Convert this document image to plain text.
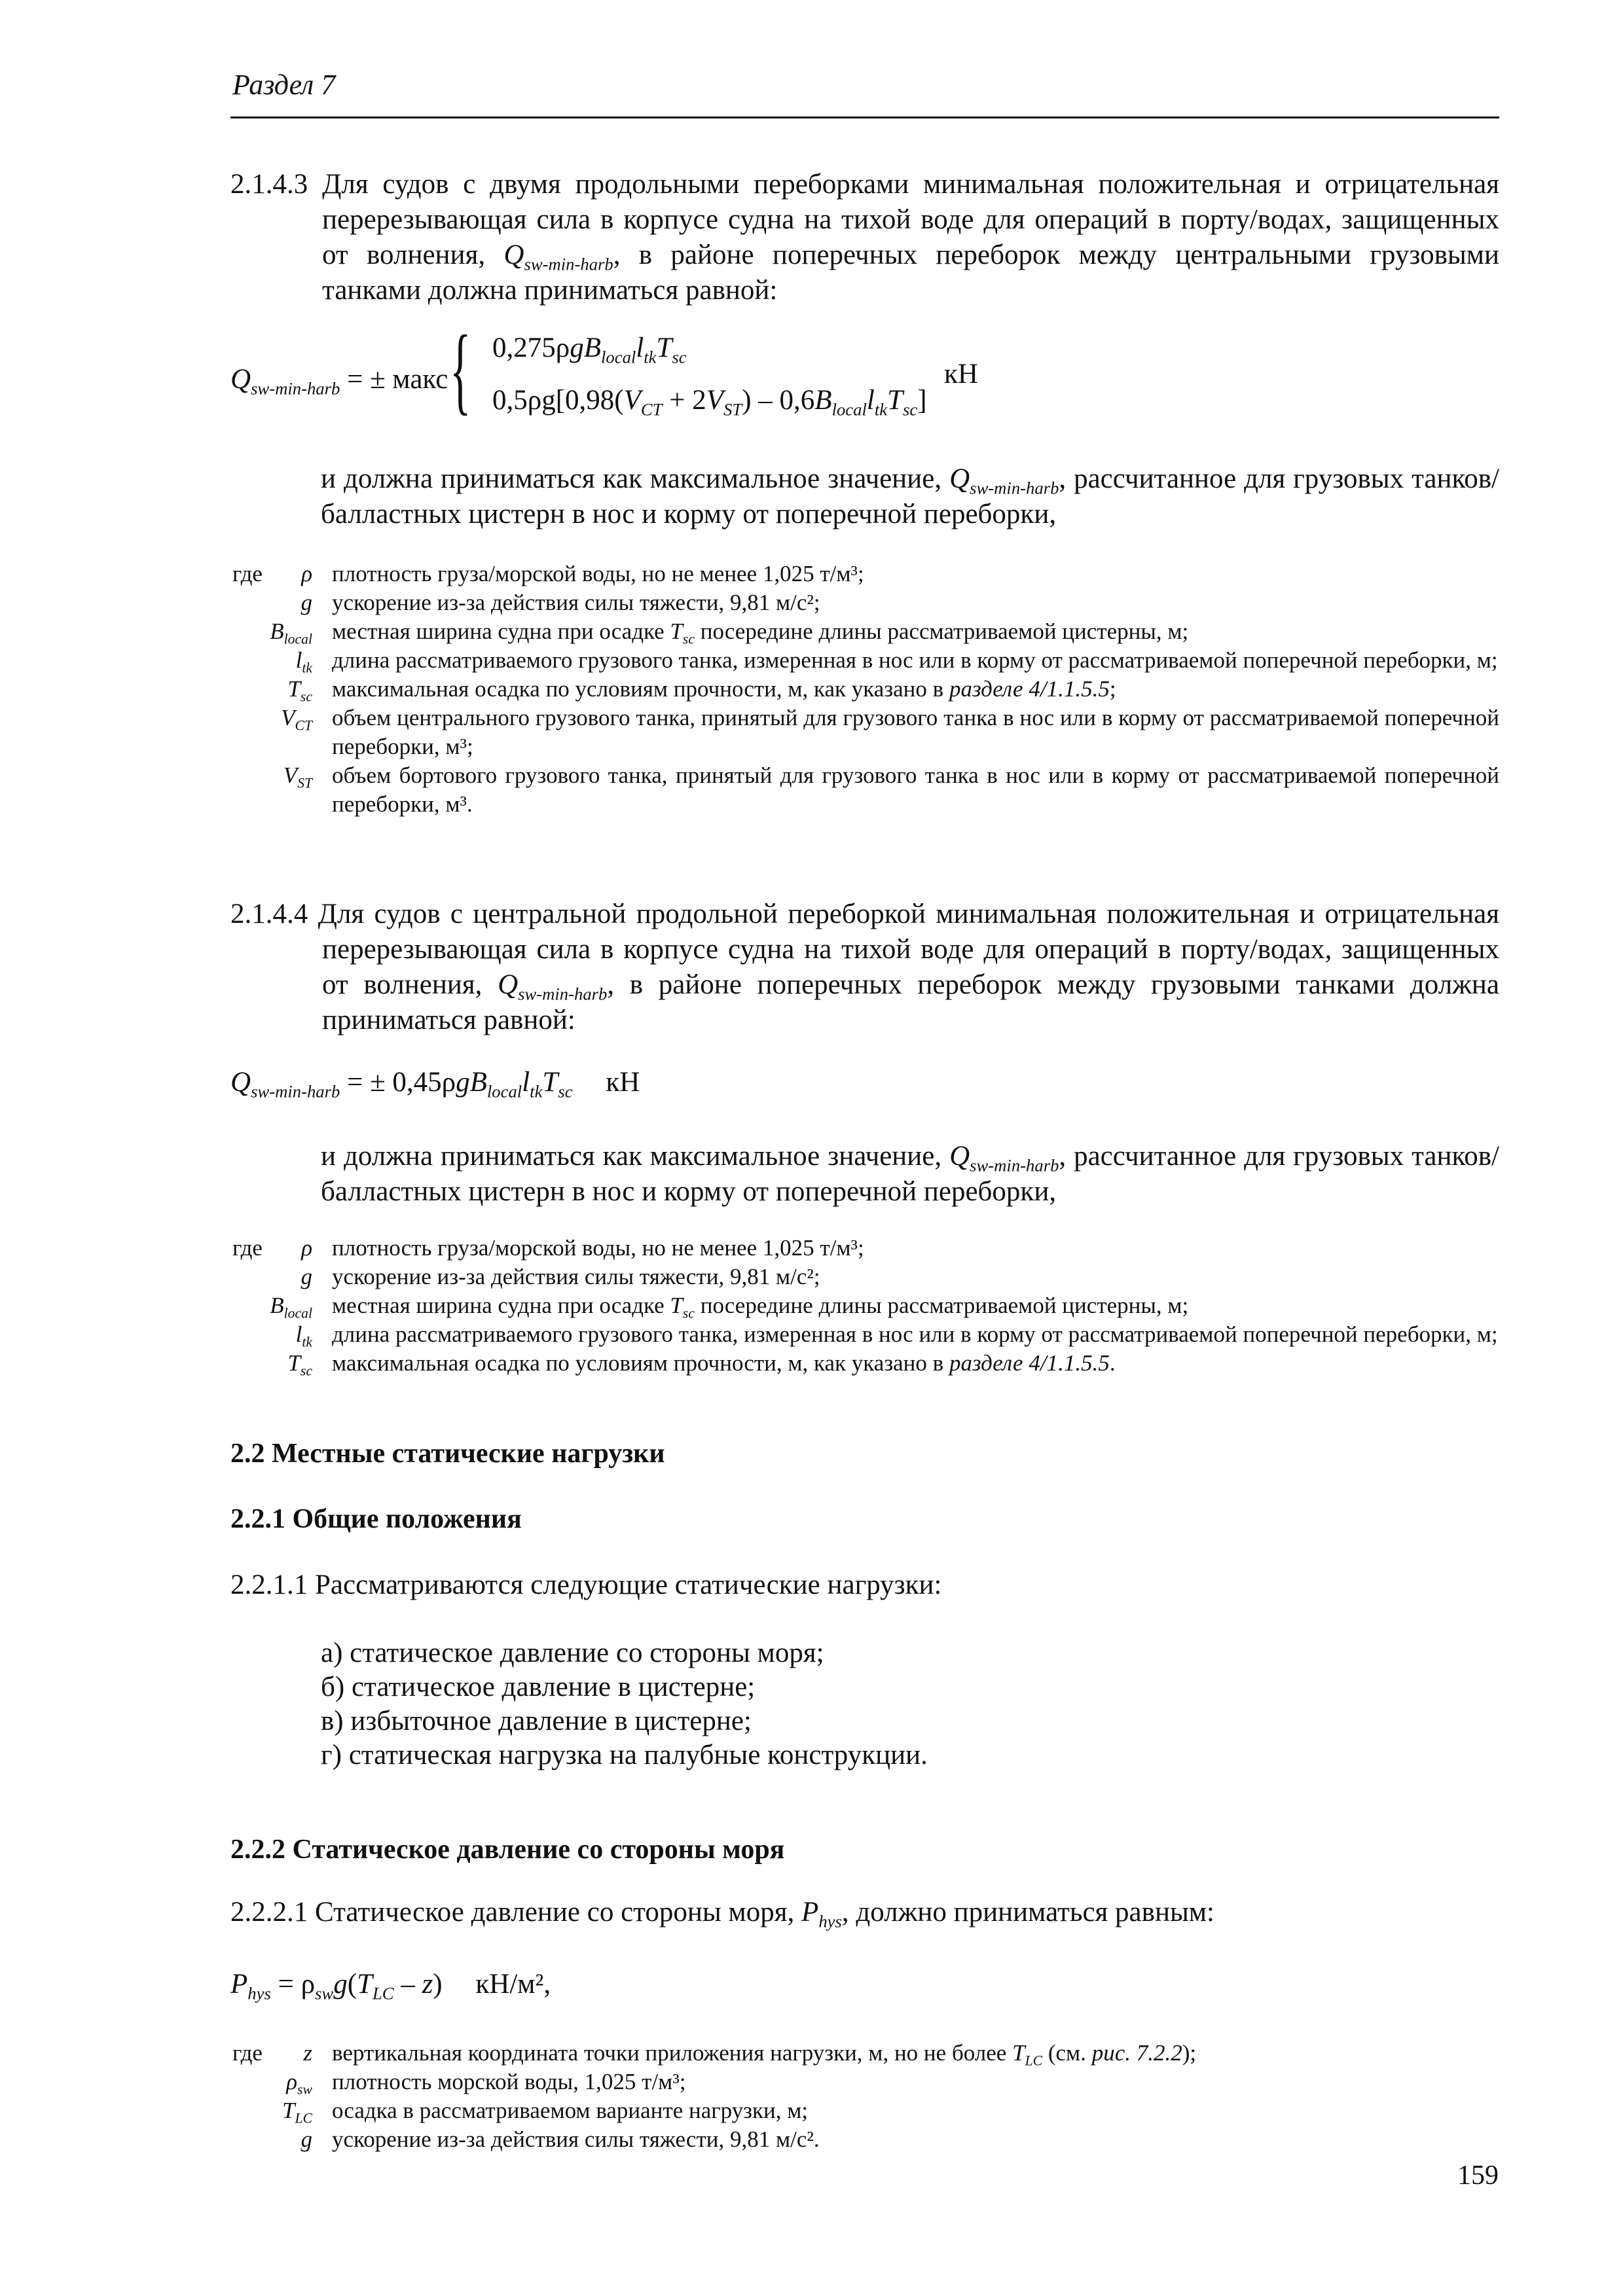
Раздел 7
2.1.4.3 Для судов с двумя продольными переборками минимальная положительная и отрицательная перерезывающая сила в корпусе судна на тихой воде для операций в порту/водах, защищенных от волнения, $Q_{sw-min-harb}$, в районе поперечных переборок между центральными грузовыми танками должна приниматься равной:
$Q_{sw-min-harb}$ = ± макс { $0,275\rho gB_{local}l_{tk}T_{sc}$
$0,5\rho g[0,98(V_{CT} + 2V_{ST}) - 0,6B_{local}l_{tk}T_{sc}]$
кН
и должна приниматься как максимальное значение, $Q_{sw-min-harb}$, рассчитанное для грузовых танков/балластных цистерн в нос и корму от поперечной переборки,
где ρ плотность груза/морской воды, но не менее 1,025 т/м³;
g ускорение из-за действия силы тяжести, 9,81 м/с²;
$B_{local}$ местная ширина судна при осадке $T_{sc}$ посередине длины рассматриваемой цистерны, м;
$l_{tk}$ длина рассматриваемого грузового танка, измеренная в нос или в корму от рассматриваемой поперечной переборки, м;
$T_{sc}$ максимальная осадка по условиям прочности, м, как указано в разделе 4/1.1.5.5;
$V_{CT}$ объем центрального грузового танка, принятый для грузового танка в нос или в корму от рассматриваемой поперечной переборки, м³;
$V_{ST}$ объем бортового грузового танка, принятый для грузового танка в нос или в корму от рассматриваемой поперечной переборки, м³.
2.1.4.4 Для судов с центральной продольной переборкой минимальная положительная и отрицательная перерезывающая сила в корпусе судна на тихой воде для операций в порту/водах, защищенных от волнения, $Q_{sw-min-harb}$, в районе поперечных переборок между грузовыми танками должна приниматься равной:
$Q_{sw-min-harb}$ = ± $0,45\rho gB_{local}l_{tk}T_{sc}$ кН
и должна приниматься как максимальное значение, $Q_{sw-min-harb}$, рассчитанное для грузовых танков/балластных цистерн в нос и корму от поперечной переборки,
где ρ плотность груза/морской воды, но не менее 1,025 т/м³;
g ускорение из-за действия силы тяжести, 9,81 м/с²;
$B_{local}$ местная ширина судна при осадке $T_{sc}$ посередине длины рассматриваемой цистерны, м;
$l_{tk}$ длина рассматриваемого грузового танка, измеренная в нос или в корму от рассматриваемой поперечной переборки, м;
$T_{sc}$ максимальная осадка по условиям прочности, м, как указано в разделе 4/1.1.5.5.
2.2 Местные статические нагрузки
2.2.1 Общие положения
2.2.1.1 Рассматриваются следующие статические нагрузки:
а) статическое давление со стороны моря;
б) статическое давление в цистерне;
в) избыточное давление в цистерне;
г) статическая нагрузка на палубные конструкции.
2.2.2 Статическое давление со стороны моря
2.2.2.1 Статическое давление со стороны моря, $P_{hys}$, должно приниматься равным:
$P_{hys} = \rho_{sw}g(T_{LC} - z)$ кН/м²,
где z вертикальная координата точки приложения нагрузки, м, но не более $T_{LC}$ (см. рис. 7.2.2);
$\rho_{sw}$ плотность морской воды, 1,025 т/м³;
$T_{LC}$ осадка в рассматриваемом варианте нагрузки, м;
g ускорение из-за действия силы тяжести, 9,81 м/с².
159
